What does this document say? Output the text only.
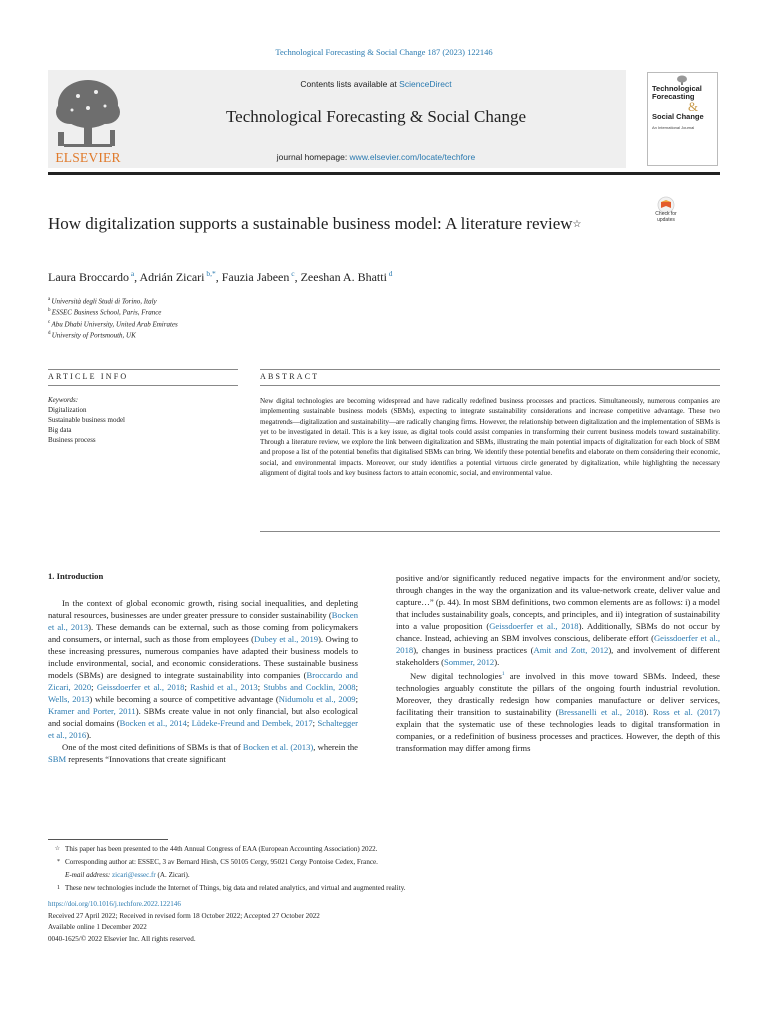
Technological Forecasting & Social Change 187 (2023) 122146
ELSEVIER
Contents lists available at ScienceDirect
Technological Forecasting & Social Change
journal homepage: www.elsevier.com/locate/techfore
Technological
Forecasting
&
Social Change
An International Journal
Check for
updates
How digitalization supports a sustainable business model: A literature review☆
Laura Broccardo $^a$, Adrián Zicari $^{b,*}$, Fauzia Jabeen $^c$, Zeeshan A. Bhatti $^d$
$^a$ Università degli Studi di Torino, Italy
$^b$ ESSEC Business School, Paris, France
$^c$ Abu Dhabi University, United Arab Emirates
$^d$ University of Portsmouth, UK
ARTICLE INFO	ABSTRACT
Keywords:
Digitalization
Sustainable business model
Big data
Business process
New digital technologies are becoming widespread and have radically redefined business processes and practices. Simultaneously, numerous companies are implementing sustainable business models (SBMs), expecting to integrate sustainability considerations and increase competitive advantage. These two megatrends—digitalization and sustainability—are radically changing firms. However, the relationship between digitalization and the implementation of SBMs is yet to be investigated in detail. This is a key issue, as digital tools could assist companies in transforming their current business models toward sustainability. Through a literature review, we explore the link between digitalization and SBMs, illustrating the main potential impacts of digitalization for each block of SBM and propose a list of the potential benefits that digitalised SBMs can bring. We identify these potential benefits and elaborate on them considering their economic, social, and environmental impacts. Moreover, our study identifies a potential virtuous circle generated by digitalization, while highlighting the necessary alignment of digital tools and key business factors to attain economic, social, and environmental value.
1. Introduction

In the context of global economic growth, rising social inequalities, and depleting natural resources, businesses are under greater pressure to consider sustainability (Bocken et al., 2013). These demands can be external, such as those coming from policymakers and consumers, or internal, such as those from employees (Dubey et al., 2019). Owing to these increasing pressures, numerous companies have adapted their business models to include environmental, social, and economic considerations. These sustainable business models (SBMs) are designed to integrate sustainability into companies (Broccardo and Zicari, 2020; Geissdoerfer et al., 2018; Rashid et al., 2013; Stubbs and Cocklin, 2008; Wells, 2013) while becoming a source of competitive advantage (Nidumolu et al., 2009; Kramer and Porter, 2011). SBMs create value in not only financial, but also ecological and social domains (Bocken et al., 2014; Lüdeke-Freund and Dembek, 2017; Schaltegger et al., 2016).

One of the most cited definitions of SBMs is that of Bocken et al. (2013), wherein the SBM represents “Innovations that create significant

positive and/or significantly reduced negative impacts for the environment and/or society, through changes in the way the organization and its value-network create, deliver value and capture…” (p. 44). In most SBM definitions, two common elements are as follows: i) a model that includes sustainability goals, concepts, and principles, and ii) integration of sustainability into a value proposition (Geissdoerfer et al., 2018). Additionally, SBMs do not occur by chance. Instead, achieving an SBM involves conscious, deliberate effort (Geissdoerfer et al., 2018), changes in business practices (Amit and Zott, 2012), and involvement of different stakeholders (Sommer, 2012).

New digital technologies$^1$ are involved in this move toward SBMs. Indeed, these technologies arguably constitute the pillars of the ongoing fourth industrial revolution. Moreover, they drastically redesign how companies manufacture or deliver services, facilitating their transition to sustainability (Bressanelli et al., 2018). Ross et al. (2017) explain that the systematic use of these technologies leads to digital transformation in companies, or a redefinition of business processes and practices. However, the depth of this transformation may differ among firms

☆ This paper has been presented to the 44th Annual Congress of EAA (European Accounting Association) 2022.
* Corresponding author at: ESSEC, 3 av Bernard Hirsh, CS 50105 Cergy, 95021 Cergy Pontoise Cedex, France.
E-mail address: zicari@essec.fr (A. Zicari).
1 These new technologies include the Internet of Things, big data and related analytics, and virtual and augmented reality.
https://doi.org/10.1016/j.techfore.2022.122146
Received 27 April 2022; Received in revised form 18 October 2022; Accepted 27 October 2022
Available online 1 December 2022
0040-1625/© 2022 Elsevier Inc. All rights reserved.
